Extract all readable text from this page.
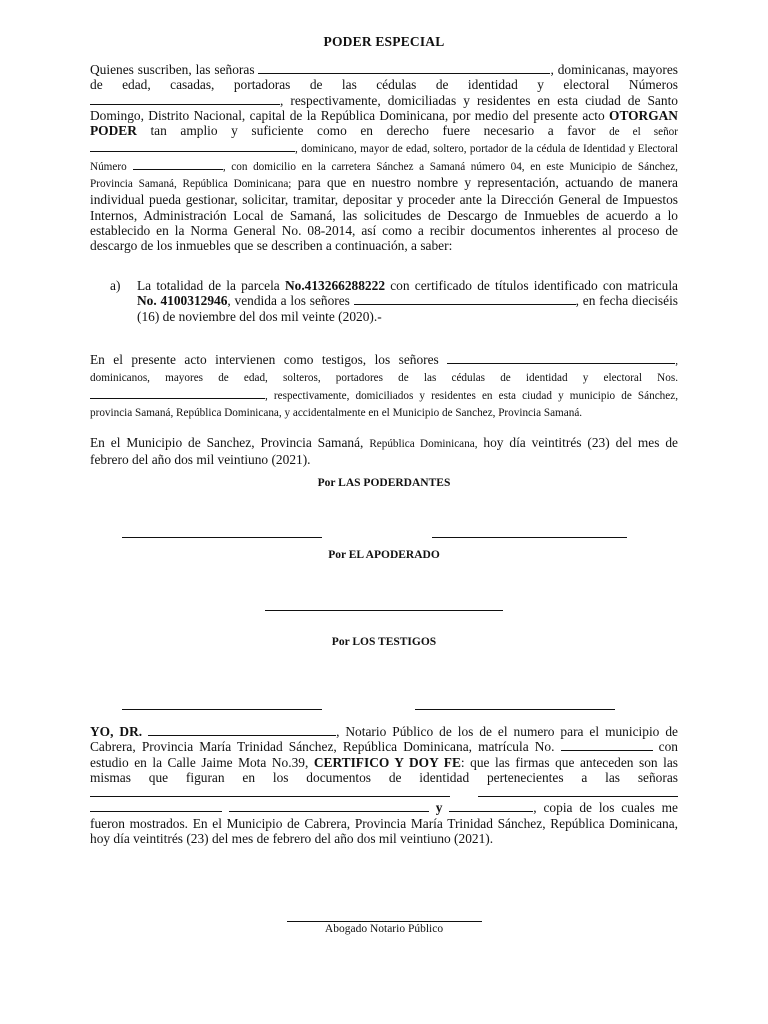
PODER ESPECIAL

Quienes suscriben, las señoras	, dominicanas, mayores de edad, casadas, portadoras de las cédulas de identidad y electoral Números , respectivamente, domiciliadas y residentes en esta ciudad de Santo Domingo, Distrito Nacional, capital de la República Dominicana, por medio del presente acto OTORGAN PODER tan amplio y suficiente como en derecho fuere necesario a favor de el señor , dominicano, mayor de edad, soltero, portador de la cédula de Identidad y Electoral Número	, con domicilio en la carretera Sánchez a Samaná número 04, en este Municipio de Sánchez, Provincia Samaná, República Dominicana; para que en nuestro nombre y representación, actuando de manera individual pueda gestionar, solicitar, tramitar, depositar y proceder ante la Dirección General de Impuestos Internos, Administración Local de Samaná, las solicitudes de Descargo de Inmuebles de acuerdo a lo establecido en la Norma General No. 08-2014, así como a recibir documentos inherentes al proceso de descargo de los inmuebles que se describen a continuación, a saber:

a) La totalidad de la parcela No.413266288222 con certificado de títulos identificado con matricula No. 4100312946, vendida a los señores	, en fecha dieciséis (16) de noviembre del dos mil veinte (2020).-

En el presente acto intervienen como testigos, los señores	, dominicanos, mayores de edad, solteros, portadores de las cédulas de identidad y electoral Nos. , respectivamente, domiciliados y residentes en esta ciudad y municipio de Sánchez, provincia Samaná, República Dominicana, y accidentalmente en el Municipio de Sanchez, Provincia Samaná.

En el Municipio de Sanchez, Provincia Samaná, República Dominicana, hoy día veintitrés (23) del mes de febrero del año dos mil veintiuno (2021).

Por LAS PODERDANTES
Por EL APODERADO
Por LOS TESTIGOS

YO, DR.	, Notario Público de los de el numero para el municipio de Cabrera, Provincia María Trinidad Sánchez, República Dominicana, matrícula No.	con estudio en la Calle Jaime Mota No.39, CERTIFICO Y DOY FE: que las firmas que anteceden son las mismas que figuran en los documentos de identidad pertenecientes a las señoras     y	, copia de los cuales me fueron mostrados. En el Municipio de Cabrera, Provincia María Trinidad Sánchez, República Dominicana, hoy día veintitrés (23) del mes de febrero del año dos mil veintiuno (2021).

Abogado Notario Público
